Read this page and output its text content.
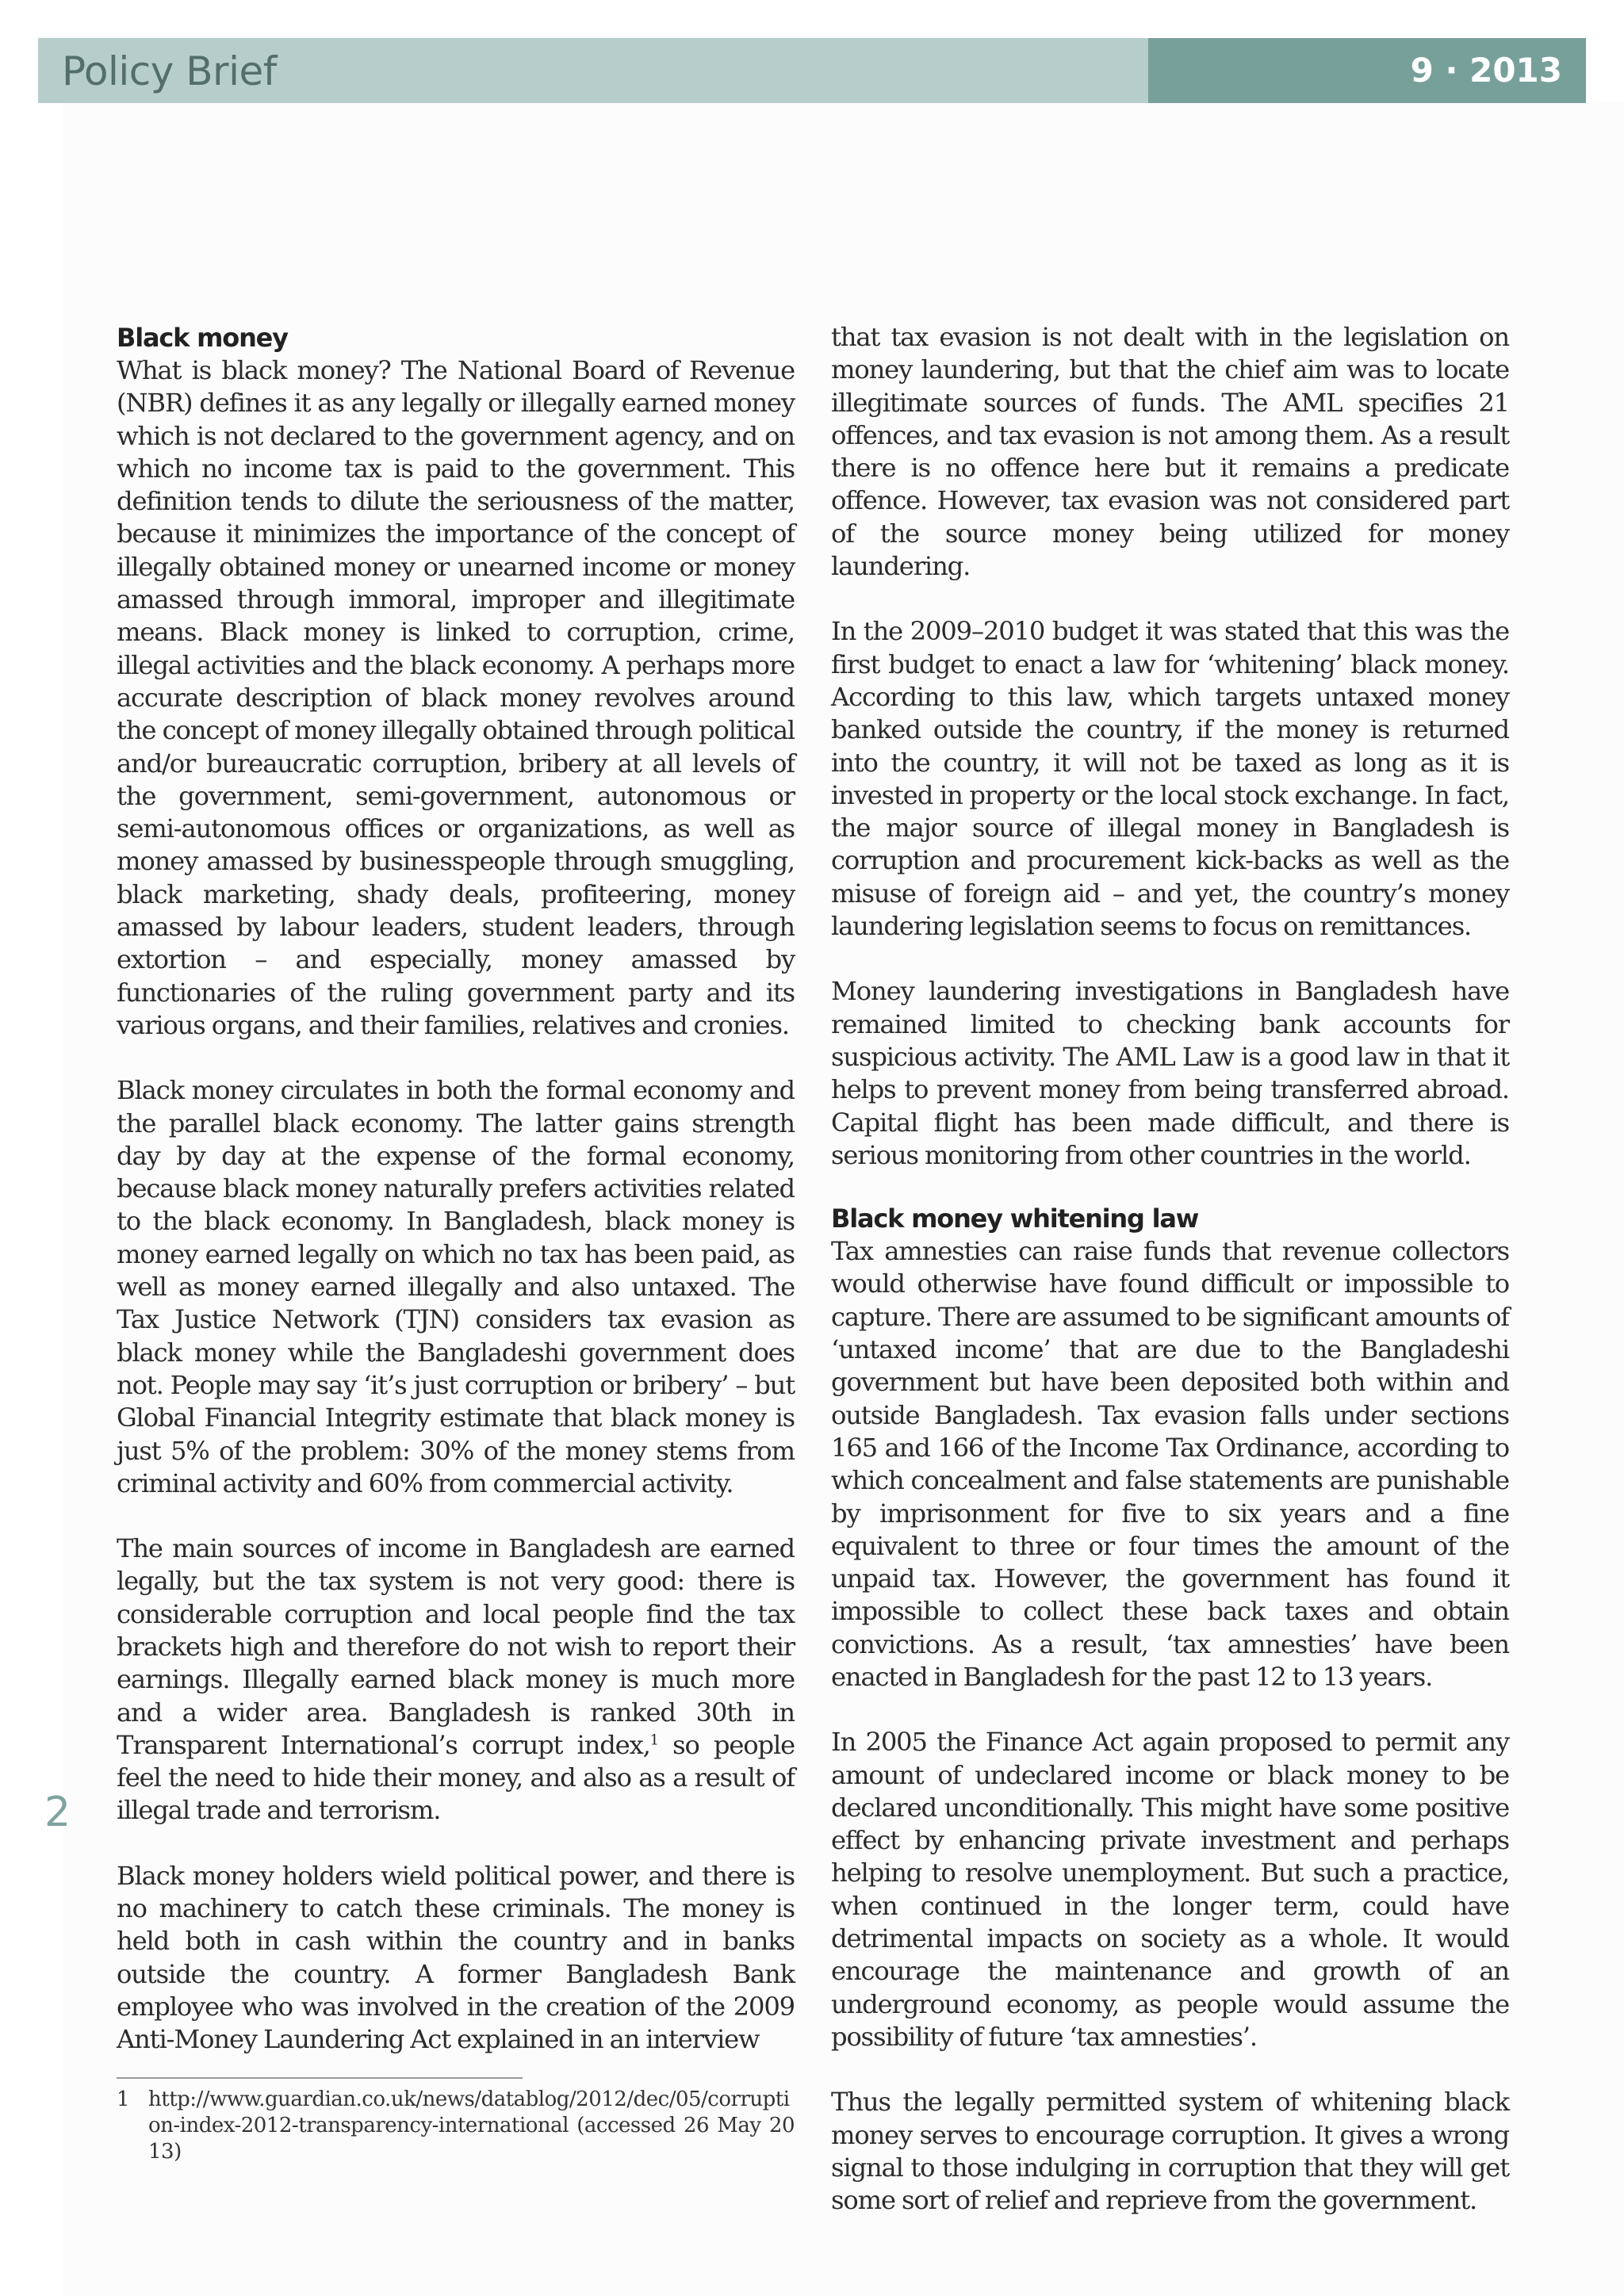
Policy Brief	9 · 2013
2
Black money

What is black money? The National Board of Revenue (NBR) defines it as any legally or illegally earned money which is not declared to the government agency, and on which no income tax is paid to the government. This definition tends to dilute the seriousness of the matter, because it minimizes the importance of the concept of illegally obtained money or unearned income or money amassed through immoral, improper and illegitimate means. Black money is linked to corruption, crime, illegal activities and the black economy. A perhaps more accurate description of black money revolves around the concept of money illegally obtained through political and/or bureaucratic corruption, bribery at all levels of the government, semi-government, autonomous or semi-autonomous offices or organizations, as well as money amassed by businesspeople through smuggling, black marketing, shady deals, profiteering, money amassed by labour leaders, student leaders, through extortion – and especially, money amassed by functionaries of the ruling government party and its various organs, and their families, relatives and cronies.

Black money circulates in both the formal economy and the parallel black economy. The latter gains strength day by day at the expense of the formal economy, because black money naturally prefers activities related to the black economy. In Bangladesh, black money is money earned legally on which no tax has been paid, as well as money earned illegally and also untaxed. The Tax Justice Network (TJN) considers tax evasion as black money while the Bangladeshi government does not. People may say ‘it’s just corruption or bribery’ – but Global Financial Integrity estimate that black money is just 5% of the problem: 30% of the money stems from criminal activity and 60% from commercial activity.

The main sources of income in Bangladesh are earned legally, but the tax system is not very good: there is considerable corruption and local people find the tax brackets high and therefore do not wish to report their earnings. Illegally earned black money is much more and a wider area. Bangladesh is ranked 30th in Transparent International’s corrupt index,$^1$ so people feel the need to hide their money, and also as a result of illegal trade and terrorism.

Black money holders wield political power, and there is no machinery to catch these criminals. The money is held both in cash within the country and in banks outside the country. A former Bangladesh Bank employee who was involved in the creation of the 2009 Anti-Money Laundering Act explained in an interview

1 http://www.guardian.co.uk/news/datablog/2012/dec/05/corruption-index-2012-transparency-international (accessed 26 May 2013)

that tax evasion is not dealt with in the legislation on money laundering, but that the chief aim was to locate illegitimate sources of funds. The AML specifies 21 offences, and tax evasion is not among them. As a result there is no offence here but it remains a predicate offence. However, tax evasion was not considered part of the source money being utilized for money laundering.

In the 2009–2010 budget it was stated that this was the first budget to enact a law for ‘whitening’ black money. According to this law, which targets untaxed money banked outside the country, if the money is returned into the country, it will not be taxed as long as it is invested in property or the local stock exchange. In fact, the major source of illegal money in Bangladesh is corruption and procurement kick-backs as well as the misuse of foreign aid – and yet, the country’s money laundering legislation seems to focus on remittances.

Money laundering investigations in Bangladesh have remained limited to checking bank accounts for suspicious activity. The AML Law is a good law in that it helps to prevent money from being transferred abroad. Capital flight has been made difficult, and there is serious monitoring from other countries in the world.

Black money whitening law

Tax amnesties can raise funds that revenue collectors would otherwise have found difficult or impossible to capture. There are assumed to be significant amounts of ‘untaxed income’ that are due to the Bangladeshi government but have been deposited both within and outside Bangladesh. Tax evasion falls under sections 165 and 166 of the Income Tax Ordinance, according to which concealment and false statements are punishable by imprisonment for five to six years and a fine equivalent to three or four times the amount of the unpaid tax. However, the government has found it impossible to collect these back taxes and obtain convictions. As a result, ‘tax amnesties’ have been enacted in Bangladesh for the past 12 to 13 years.

In 2005 the Finance Act again proposed to permit any amount of undeclared income or black money to be declared unconditionally. This might have some positive effect by enhancing private investment and perhaps helping to resolve unemployment. But such a practice, when continued in the longer term, could have detrimental impacts on society as a whole. It would encourage the maintenance and growth of an underground economy, as people would assume the possibility of future ‘tax amnesties’.

Thus the legally permitted system of whitening black money serves to encourage corruption. It gives a wrong signal to those indulging in corruption that they will get some sort of relief and reprieve from the government.
